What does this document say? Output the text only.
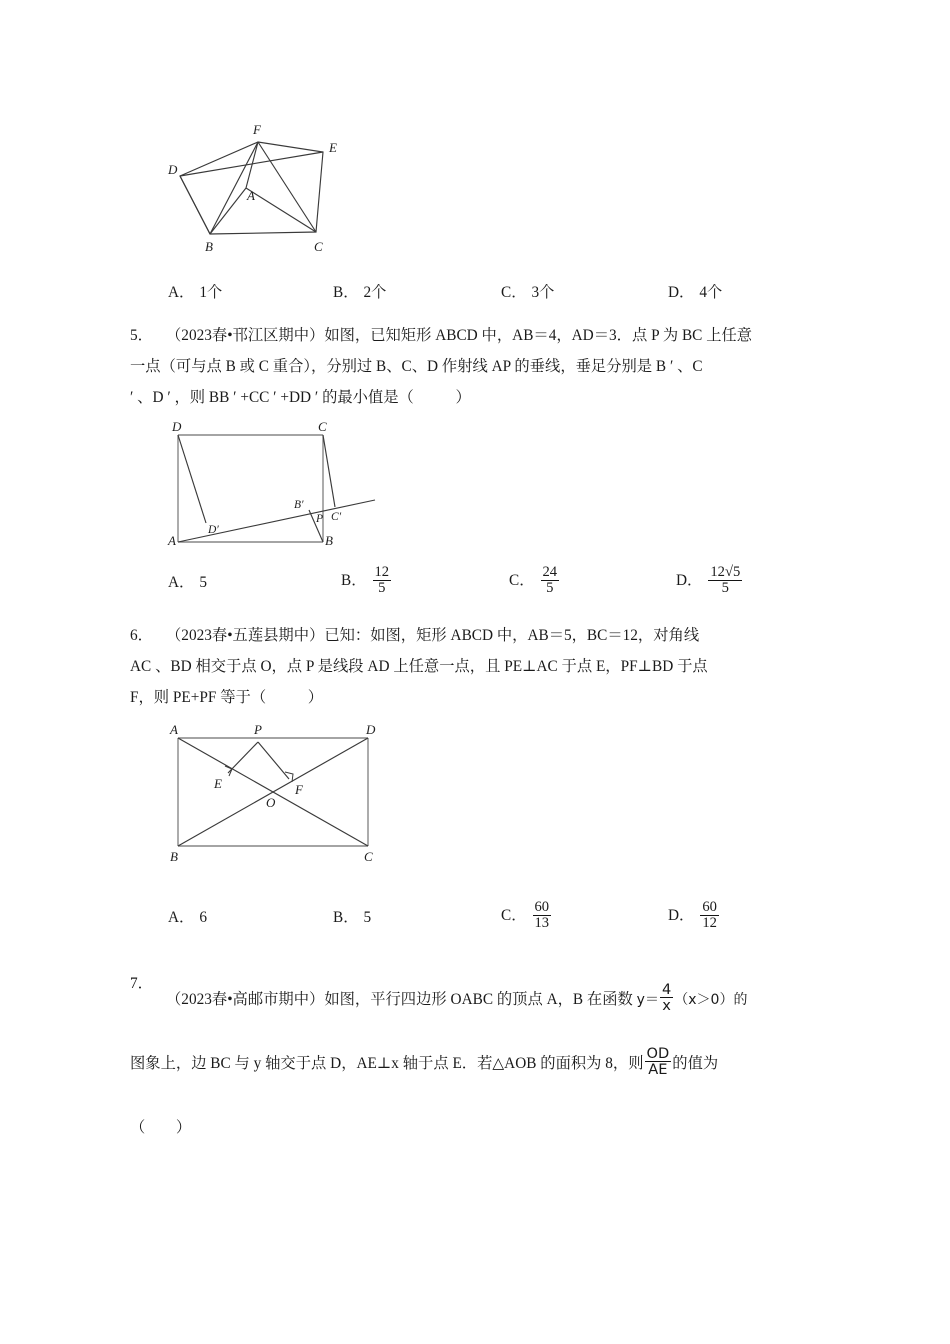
F
E
D
A
B	C
A． 1个	B． 2个	C． 3个	D． 4个
5． （2023春•邗江区期中）如图，已知矩形 ABCD 中，AB＝4，AD＝3．点 P 为 BC 上任意
一点（可与点 B 或 C 重合），分别过 B、C、D 作射线 AP 的垂线，垂足分别是 B ′ 、C
′ 、D ′ ，则 BB ′ +CC ′ +DD ′ 的最小值是（	）
D	C
A	B
D′
B′
P C′
A． 5	B． $\frac{12}{5}$	C． $\frac{24}{5}$	D． $\frac{12√5}{5}$
6． （2023春•五莲县期中）已知：如图，矩形 ABCD 中，AB＝5，BC＝12，对角线
AC 、BD 相交于点 O，点 P 是线段 AD 上任意一点，且 PE⊥AC 于点 E，PF⊥BD 于点
F，则 PE+PF 等于（	）
A	P	D
E	F
O
B	C
A． 6	B． 5	C． $\frac{60}{13}$	D． $\frac{60}{12}$
7．
（2023春•高邮市期中）如图，平行四边形 OABC 的顶点 A，B 在函数 $y= \frac{4}{x} (x>0)$的
图象上，边 BC 与 y 轴交于点 D，AE⊥x 轴于点 E．若△AOB 的面积为 8，则 $\frac{OD}{AE}$ 的值为
（　　）
